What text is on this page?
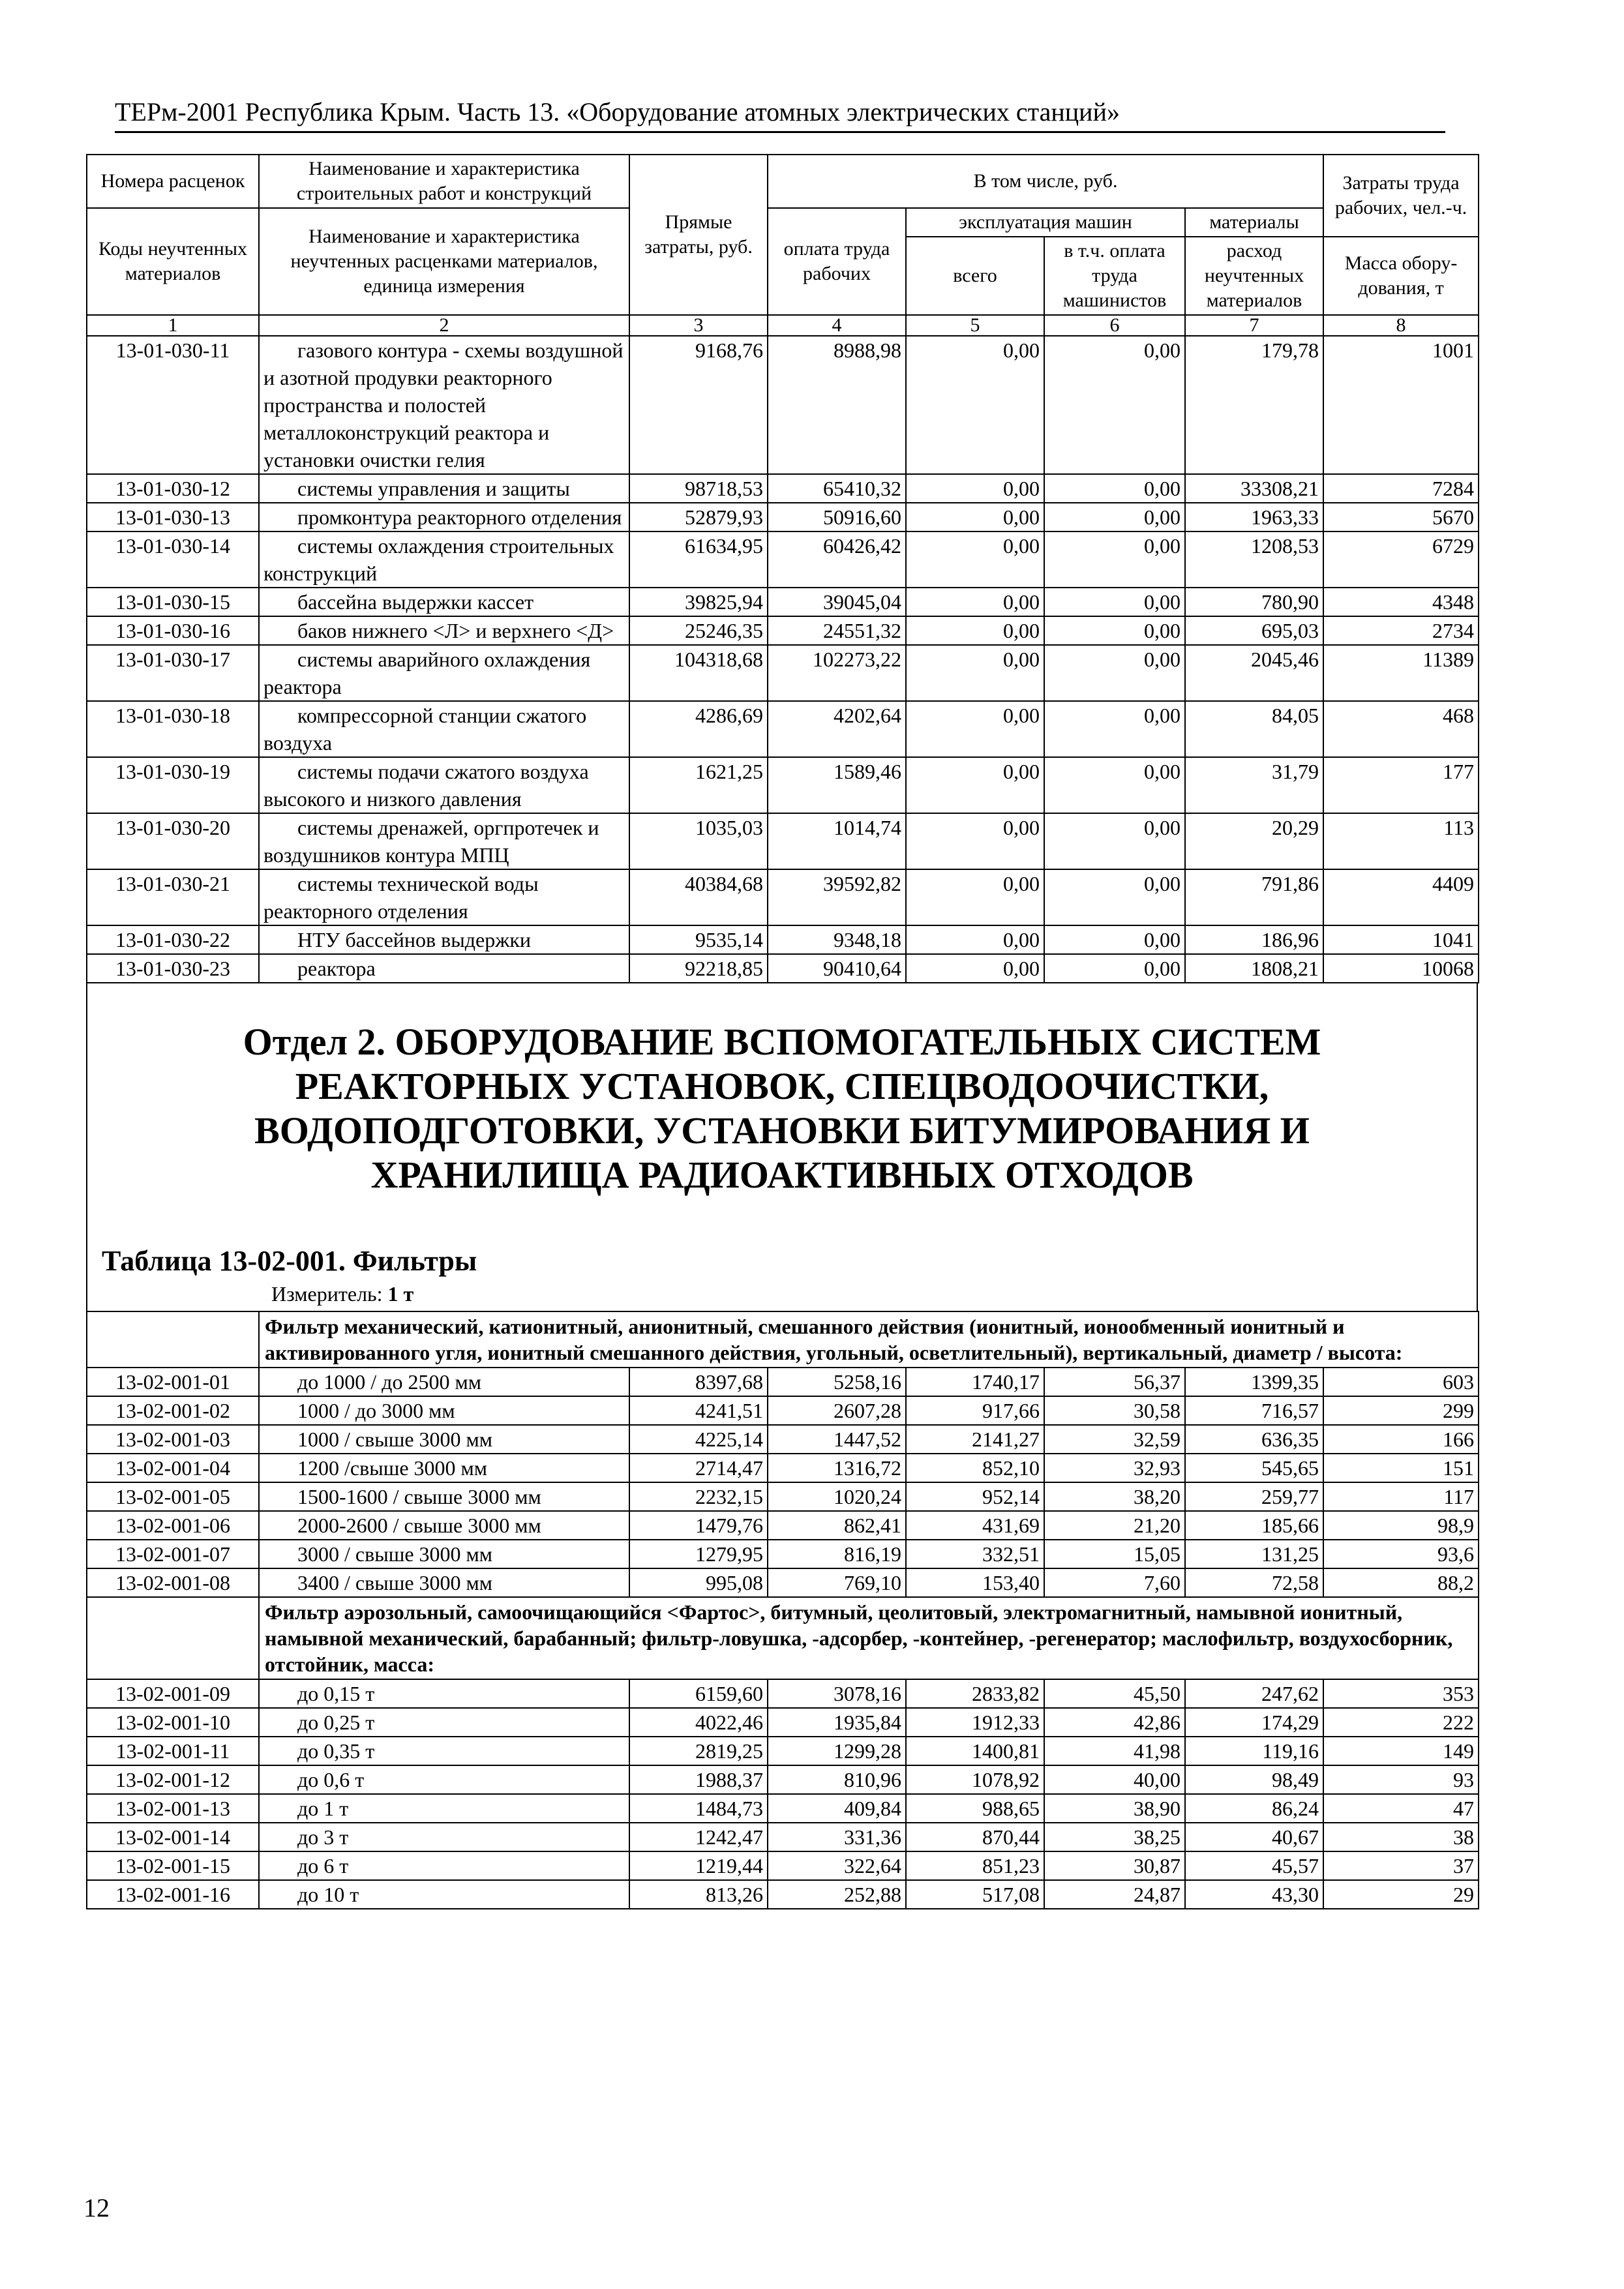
ТЕРм-2001 Республика Крым. Часть 13. «Оборудование атомных электрических станций»
Номера расценок	Наименование и характеристика строительных работ и конструкций	Прямые затраты, руб.	В том числе, руб.				Затраты труда рабочих, чел.-ч.
Коды неучтенных материалов	Наименование и характеристика неучтенных расценками материалов, единица измерения		оплата труда рабочих	эксплуатация машин		материалы	
				всего	в т.ч. оплата труда машинистов	расход неучтенных материалов	Масса обору-дования, т
1	2	3	4	5	6	7	8
13-01-030-11	газового контура - схемы воздушной и азотной продувки реакторного пространства и полостей металлоконструкций реактора и установки очистки гелия	9168,76	8988,98	0,00	0,00	179,78	1001
13-01-030-12	системы управления и защиты	98718,53	65410,32	0,00	0,00	33308,21	7284
13-01-030-13	промконтура реакторного отделения	52879,93	50916,60	0,00	0,00	1963,33	5670
13-01-030-14	системы охлаждения строительных конструкций	61634,95	60426,42	0,00	0,00	1208,53	6729
13-01-030-15	бассейна выдержки кассет	39825,94	39045,04	0,00	0,00	780,90	4348
13-01-030-16	баков нижнего <Л> и верхнего <Д>	25246,35	24551,32	0,00	0,00	695,03	2734
13-01-030-17	системы аварийного охлаждения реактора	104318,68	102273,22	0,00	0,00	2045,46	11389
13-01-030-18	компрессорной станции сжатого воздуха	4286,69	4202,64	0,00	0,00	84,05	468
13-01-030-19	системы подачи сжатого воздуха высокого и низкого давления	1621,25	1589,46	0,00	0,00	31,79	177
13-01-030-20	системы дренажей, оргпротечек и воздушников контура МПЦ	1035,03	1014,74	0,00	0,00	20,29	113
13-01-030-21	системы технической воды реакторного отделения	40384,68	39592,82	0,00	0,00	791,86	4409
13-01-030-22	НТУ бассейнов выдержки	9535,14	9348,18	0,00	0,00	186,96	1041
13-01-030-23	реактора	92218,85	90410,64	0,00	0,00	1808,21	10068
Отдел 2. ОБОРУДОВАНИЕ ВСПОМОГАТЕЛЬНЫХ СИСТЕМ
РЕАКТОРНЫХ УСТАНОВОК, СПЕЦВОДООЧИСТКИ,
ВОДОПОДГОТОВКИ, УСТАНОВКИ БИТУМИРОВАНИЯ И
ХРАНИЛИЩА РАДИОАКТИВНЫХ ОТХОДОВ
Таблица 13-02-001. Фильтры
Измеритель: 1 т
	Фильтр механический, катионитный, анионитный, смешанного действия (ионитный, ионообменный ионитный и активированного угля, ионитный смешанного действия, угольный, осветлительный), вертикальный, диаметр / высота:						
13-02-001-01	до 1000 / до 2500 мм	8397,68	5258,16	1740,17	56,37	1399,35	603
13-02-001-02	1000 / до 3000 мм	4241,51	2607,28	917,66	30,58	716,57	299
13-02-001-03	1000 / свыше 3000 мм	4225,14	1447,52	2141,27	32,59	636,35	166
13-02-001-04	1200 /свыше 3000 мм	2714,47	1316,72	852,10	32,93	545,65	151
13-02-001-05	1500-1600 / свыше 3000 мм	2232,15	1020,24	952,14	38,20	259,77	117
13-02-001-06	2000-2600 / свыше 3000 мм	1479,76	862,41	431,69	21,20	185,66	98,9
13-02-001-07	3000 / свыше 3000 мм	1279,95	816,19	332,51	15,05	131,25	93,6
13-02-001-08	3400 / свыше 3000 мм	995,08	769,10	153,40	7,60	72,58	88,2
	Фильтр аэрозольный, самоочищающийся <Фартос>, битумный, цеолитовый, электромагнитный, намывной ионитный, намывной механический, барабанный; фильтр-ловушка, -адсорбер, -контейнер, -регенератор; маслофильтр, воздухосборник, отстойник, масса:						
13-02-001-09	до 0,15 т	6159,60	3078,16	2833,82	45,50	247,62	353
13-02-001-10	до 0,25 т	4022,46	1935,84	1912,33	42,86	174,29	222
13-02-001-11	до 0,35 т	2819,25	1299,28	1400,81	41,98	119,16	149
13-02-001-12	до 0,6 т	1988,37	810,96	1078,92	40,00	98,49	93
13-02-001-13	до 1 т	1484,73	409,84	988,65	38,90	86,24	47
13-02-001-14	до 3 т	1242,47	331,36	870,44	38,25	40,67	38
13-02-001-15	до 6 т	1219,44	322,64	851,23	30,87	45,57	37
13-02-001-16	до 10 т	813,26	252,88	517,08	24,87	43,30	29
12
